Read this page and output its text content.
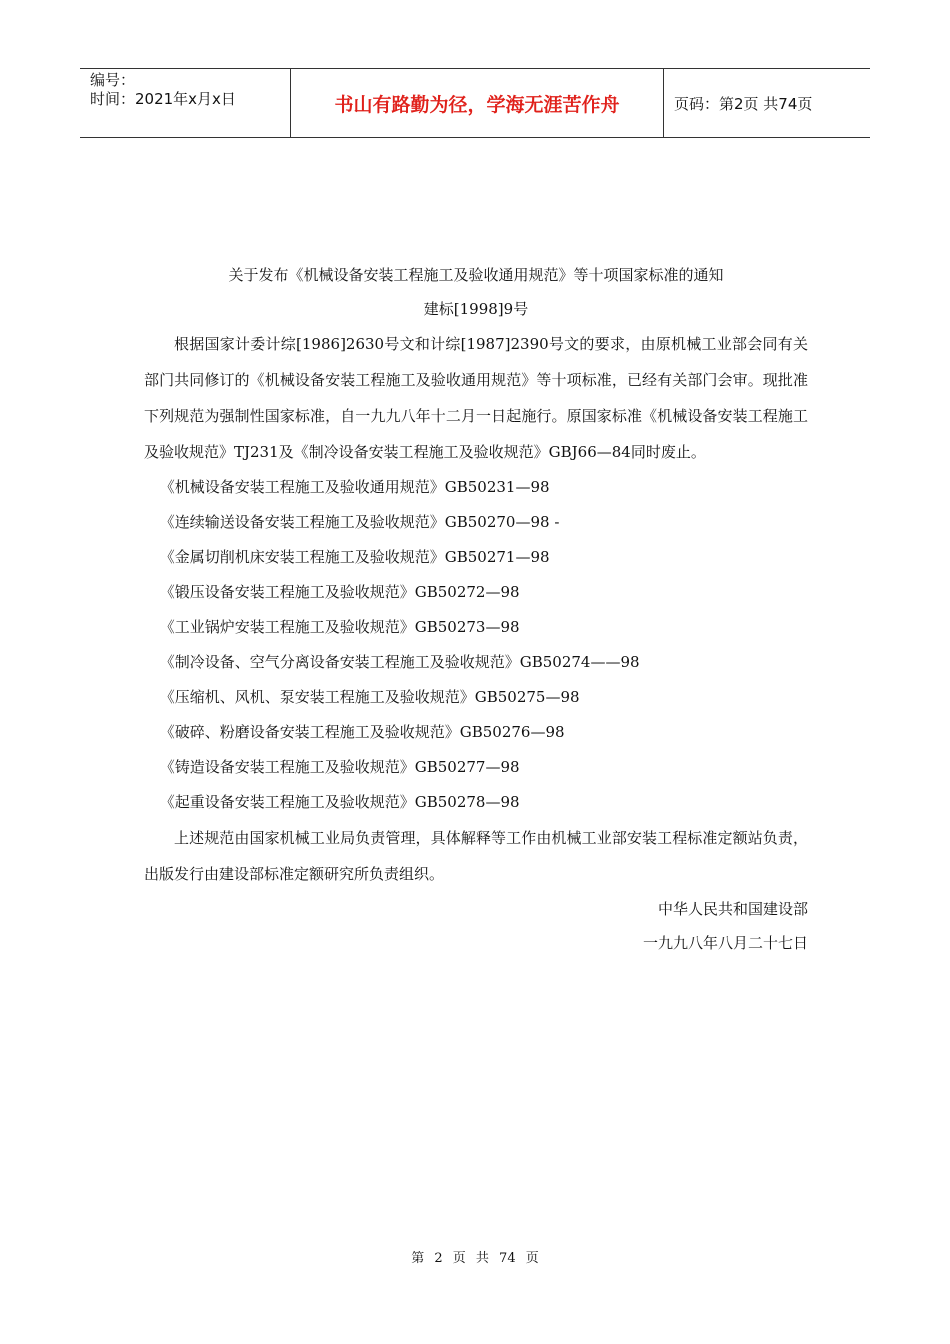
编号：
时间：2021年x月x日	书山有路勤为径，学海无涯苦作舟	页码：第2页 共74页
关于发布《机械设备安装工程施工及验收通用规范》等十项国家标准的通知
建标[1998]9号

根据国家计委计综[1986]2630号文和计综[1987]2390号文的要求，由原机械工业部会同有关部门共同修订的《机械设备安装工程施工及验收通用规范》等十项标准，已经有关部门会审。现批准下列规范为强制性国家标准，自一九九八年十二月一日起施行。原国家标准《机械设备安装工程施工及验收规范》TJ231及《制冷设备安装工程施工及验收规范》GBJ66—84同时废止。

《机械设备安装工程施工及验收通用规范》GB50231—98
《连续输送设备安装工程施工及验收规范》GB50270—98 -
《金属切削机床安装工程施工及验收规范》GB50271—98
《锻压设备安装工程施工及验收规范》GB50272—98
《工业锅炉安装工程施工及验收规范》GB50273—98
《制冷设备、空气分离设备安装工程施工及验收规范》GB50274——98
《压缩机、风机、泵安装工程施工及验收规范》GB50275—98
《破碎、粉磨设备安装工程施工及验收规范》GB50276—98
《铸造设备安装工程施工及验收规范》GB50277—98
《起重设备安装工程施工及验收规范》GB50278—98

上述规范由国家机械工业局负责管理，具体解释等工作由机械工业部安装工程标准定额站负责，出版发行由建设部标准定额研究所负责组织。

中华人民共和国建设部
一九九八年八月二十七日
第 2 页 共 74 页
